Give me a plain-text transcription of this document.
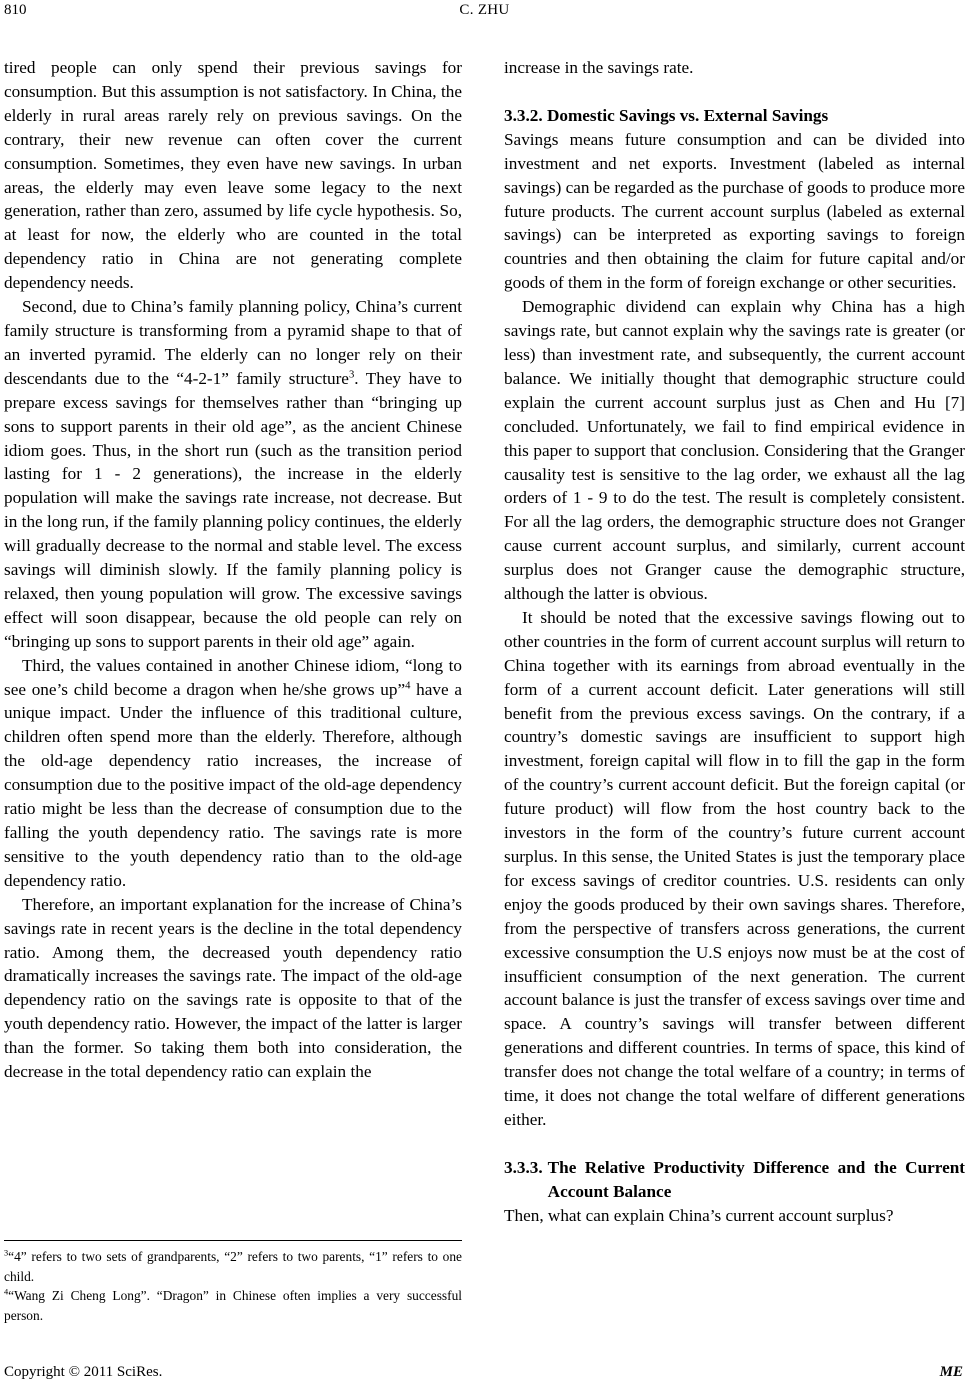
810	C. ZHU

tired people can only spend their previous savings for consumption. But this assumption is not satisfactory. In China, the elderly in rural areas rarely rely on previous savings. On the contrary, their new revenue can often cover the current consumption. Sometimes, they even have new savings. In urban areas, the elderly may even leave some legacy to the next generation, rather than zero, assumed by life cycle hypothesis. So, at least for now, the elderly who are counted in the total dependency ratio in China are not generating complete dependency needs.

Second, due to China’s family planning policy, China’s current family structure is transforming from a pyramid shape to that of an inverted pyramid. The elderly can no longer rely on their descendants due to the “4-2-1” family structure$^3$. They have to prepare excess savings for themselves rather than “bringing up sons to support parents in their old age”, as the ancient Chinese idiom goes. Thus, in the short run (such as the transition period lasting for 1 - 2 generations), the increase in the elderly population will make the savings rate increase, not decrease. But in the long run, if the family planning policy continues, the elderly will gradually decrease to the normal and stable level. The excess savings will diminish slowly. If the family planning policy is relaxed, then young population will grow. The excessive savings effect will soon disappear, because the old people can rely on “bringing up sons to support parents in their old age” again.

Third, the values contained in another Chinese idiom, “long to see one’s child become a dragon when he/she grows up”$^4$ have a unique impact. Under the influence of this traditional culture, children often spend more than the elderly. Therefore, although the old-age dependency ratio increases, the increase of consumption due to the positive impact of the old-age dependency ratio might be less than the decrease of consumption due to the falling the youth dependency ratio. The savings rate is more sensitive to the youth dependency ratio than to the old-age dependency ratio.

Therefore, an important explanation for the increase of China’s savings rate in recent years is the decline in the total dependency ratio. Among them, the decreased youth dependency ratio dramatically increases the savings rate. The impact of the old-age dependency ratio on the savings rate is opposite to that of the youth dependency ratio. However, the impact of the latter is larger than the former. So taking them both into consideration, the decrease in the total dependency ratio can explain the

$^3$“4” refers to two sets of grandparents, “2” refers to two parents, “1” refers to one child.

$^4$“Wang Zi Cheng Long”. “Dragon” in Chinese often implies a very successful person.

increase in the savings rate.

3.3.2. Domestic Savings vs. External Savings

Savings means future consumption and can be divided into investment and net exports. Investment (labeled as internal savings) can be regarded as the purchase of goods to produce more future products. The current account surplus (labeled as external savings) can be interpreted as exporting savings to foreign countries and then obtaining the claim for future capital and/or goods of them in the form of foreign exchange or other securities.

Demographic dividend can explain why China has a high savings rate, but cannot explain why the savings rate is greater (or less) than investment rate, and subsequently, the current account balance. We initially thought that demographic structure could explain the current account surplus just as Chen and Hu [7] concluded. Unfortunately, we fail to find empirical evidence in this paper to support that conclusion. Considering that the Granger causality test is sensitive to the lag order, we exhaust all the lag orders of 1 - 9 to do the test. The result is completely consistent. For all the lag orders, the demographic structure does not Granger cause current account surplus, and similarly, current account surplus does not Granger cause the demographic structure, although the latter is obvious.

It should be noted that the excessive savings flowing out to other countries in the form of current account surplus will return to China together with its earnings from abroad eventually in the form of a current account deficit. Later generations will still benefit from the previous excess savings. On the contrary, if a country’s domestic savings are insufficient to support high investment, foreign capital will flow in to fill the gap in the form of the country’s current account deficit. But the foreign capital (or future product) will flow from the host country back to the investors in the form of the country’s future current account surplus. In this sense, the United States is just the temporary place for excess savings of creditor countries. U.S. residents can only enjoy the goods produced by their own savings shares. Therefore, from the perspective of transfers across generations, the current excessive consumption the U.S enjoys now must be at the cost of insufficient consumption of the next generation. The current account balance is just the transfer of excess savings over time and space. A country’s savings will transfer between different generations and different countries. In terms of space, this kind of transfer does not change the total welfare of a country; in terms of time, it does not change the total welfare of different generations either.

3.3.3. The Relative Productivity Difference and the Current Account Balance

Then, what can explain China’s current account surplus?

Copyright © 2011 SciRes.	ME
